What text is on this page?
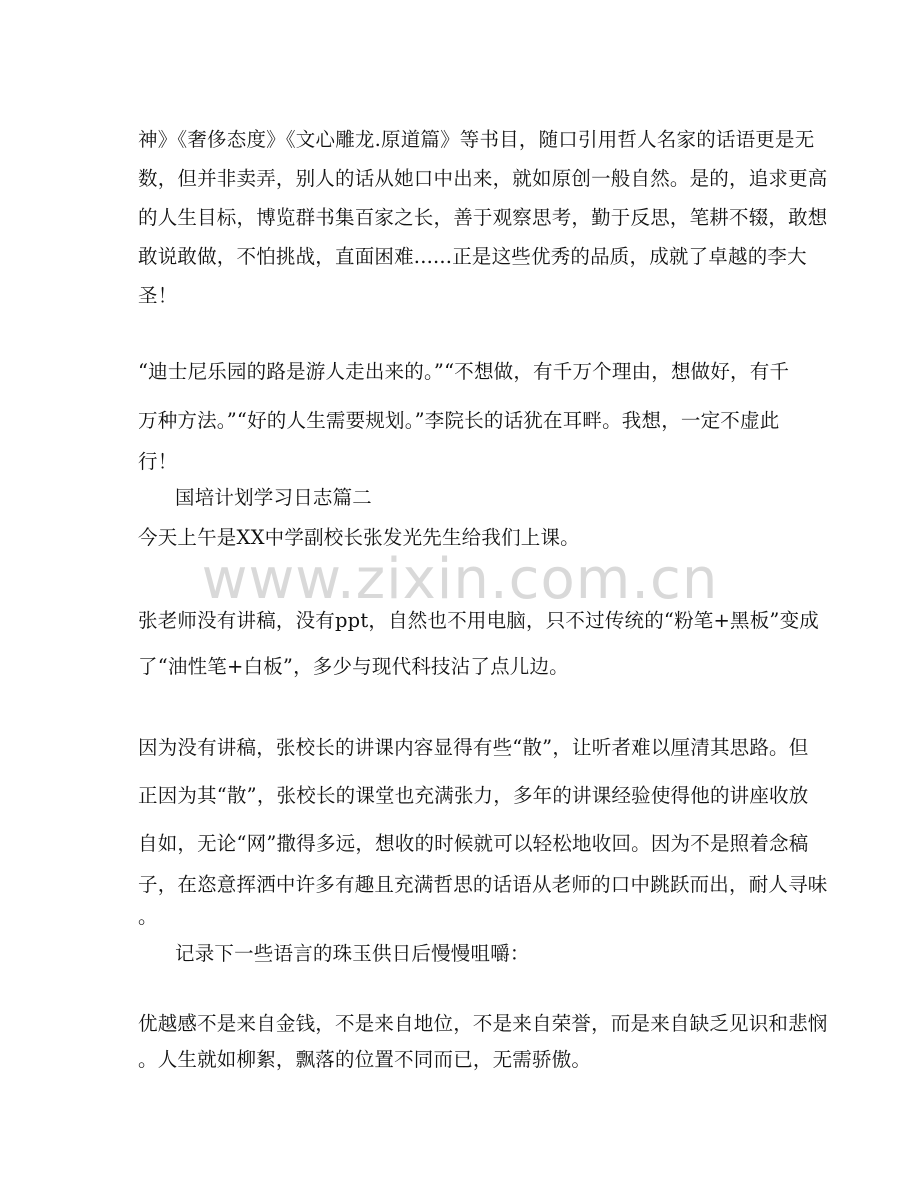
www.zixin.com.cn
神》《奢侈态度》《文心雕龙.原道篇》等书目，随口引用哲人名家的话语更是无
数，但并非卖弄，别人的话从她口中出来，就如原创一般自然。是的，追求更高
的人生目标，博览群书集百家之长，善于观察思考，勤于反思，笔耕不辍，敢想
敢说敢做，不怕挑战，直面困难......正是这些优秀的品质，成就了卓越的李大
圣！
“迪士尼乐园的路是游人走出来的。”“不想做，有千万个理由，想做好，有千
万种方法。”“好的人生需要规划。”李院长的话犹在耳畔。我想，一定不虚此
行！
国培计划学习日志篇二
今天上午是XX中学副校长张发光先生给我们上课。
张老师没有讲稿，没有ppt，自然也不用电脑，只不过传统的“粉笔+黑板”变成
了“油性笔+白板”，多少与现代科技沾了点儿边。
因为没有讲稿，张校长的讲课内容显得有些“散”，让听者难以厘清其思路。但
正因为其“散”，张校长的课堂也充满张力，多年的讲课经验使得他的讲座收放
自如，无论“网”撒得多远，想收的时候就可以轻松地收回。因为不是照着念稿
子，在恣意挥洒中许多有趣且充满哲思的话语从老师的口中跳跃而出，耐人寻味
。
记录下一些语言的珠玉供日后慢慢咀嚼：
优越感不是来自金钱，不是来自地位，不是来自荣誉，而是来自缺乏见识和悲悯
。人生就如柳絮，飘落的位置不同而已，无需骄傲。
